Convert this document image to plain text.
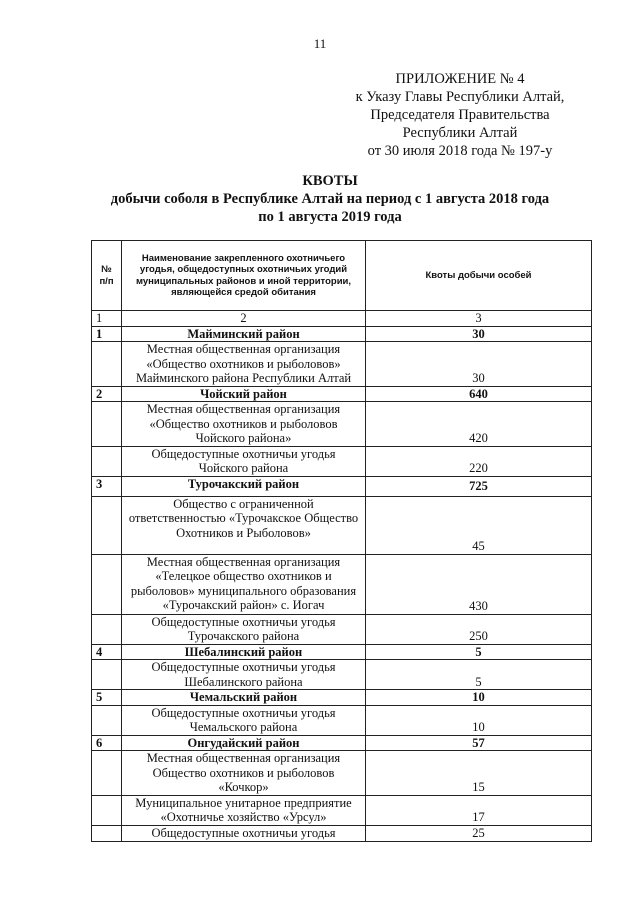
11
ПРИЛОЖЕНИЕ № 4
к Указу Главы Республики Алтай,
Председателя Правительства
Республики Алтай
от 30 июля 2018 года № 197-у
КВОТЫ
добычи соболя в Республике Алтай на период с 1 августа 2018 года
по 1 августа 2019 года
№ п/п	Наименование закрепленного охотничьего угодья, общедоступных охотничьих угодий муниципальных районов и иной территории, являющейся средой обитания	Квоты добычи особей
1	2	3
1	Майминский район	30
	Местная общественная организация «Общество охотников и рыболовов» Майминского района Республики Алтай	30
2	Чойский район	640
	Местная общественная организация «Общество охотников и рыболовов Чойского района»	420
	Общедоступные охотничьи угодья Чойского района	220
3	Турочакский район	725
	Общество с ограниченной ответственностью «Турочакское Общество Охотников и Рыболовов»	45
	Местная общественная организация «Телецкое общество охотников и рыболовов» муниципального образования «Турочакский район» с. Иогач	430
	Общедоступные охотничьи угодья Турочакского района	250
4	Шебалинский район	5
	Общедоступные охотничьи угодья Шебалинского района	5
5	Чемальский район	10
	Общедоступные охотничьи угодья Чемальского района	10
6	Онгудайский район	57
	Местная общественная организация Общество охотников и рыболовов «Кочкор»	15
	Муниципальное унитарное предприятие «Охотничье хозяйство «Урсул»	17
	Общедоступные охотничьи угодья	25
